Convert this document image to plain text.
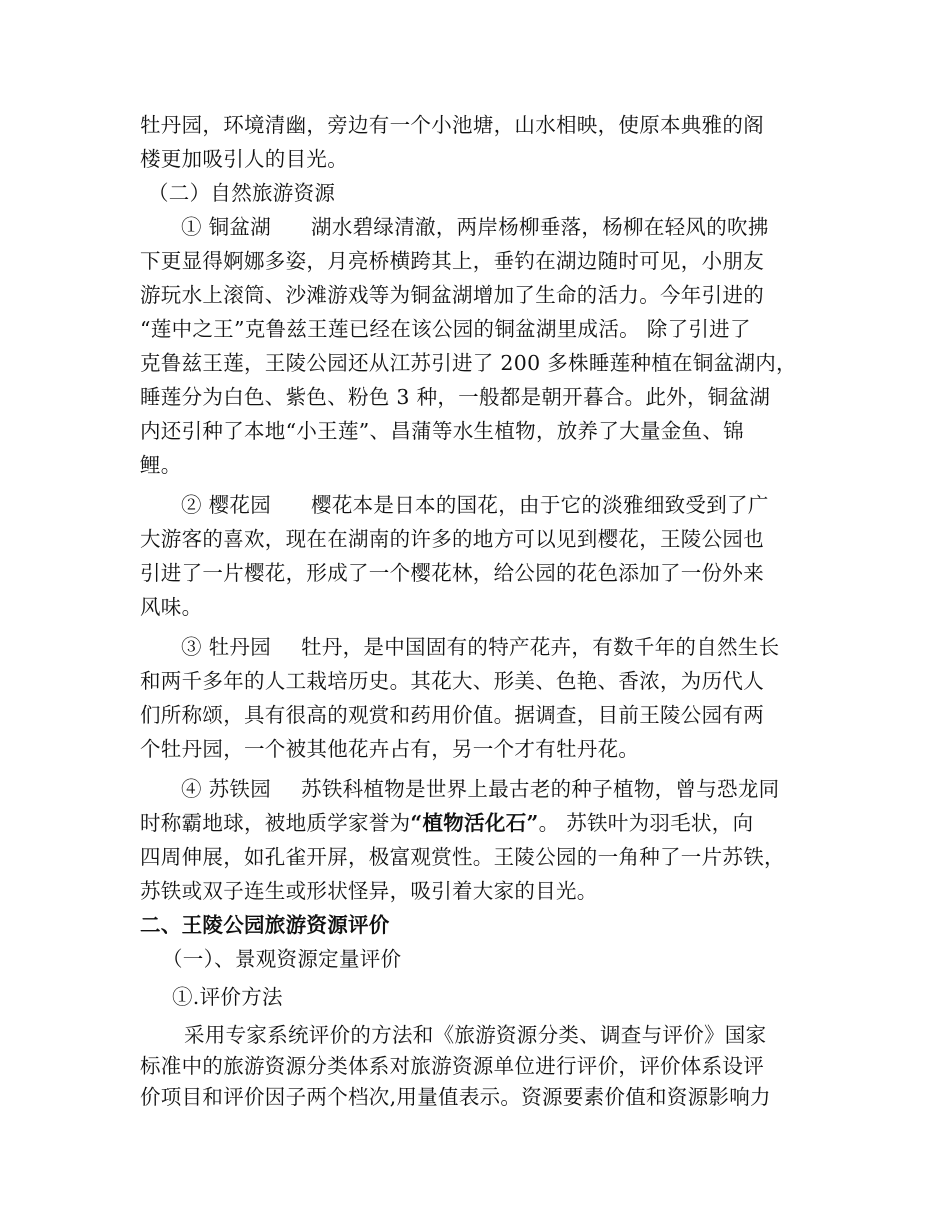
牡丹园，环境清幽，旁边有一个小池塘，山水相映，使原本典雅的阁
楼更加吸引人的目光。
（二）自然旅游资源
① 铜盆湖 湖水碧绿清澈，两岸杨柳垂落，杨柳在轻风的吹拂
下更显得婀娜多姿，月亮桥横跨其上，垂钓在湖边随时可见，小朋友
游玩水上滚筒、沙滩游戏等为铜盆湖增加了生命的活力。今年引进的
“莲中之王”克鲁兹王莲已经在该公园的铜盆湖里成活。 除了引进了
克鲁兹王莲，王陵公园还从江苏引进了 200 多株睡莲种植在铜盆湖内，
睡莲分为白色、紫色、粉色 3 种，一般都是朝开暮合。此外，铜盆湖
内还引种了本地“小王莲”、昌蒲等水生植物，放养了大量金鱼、锦
鲤。
② 樱花园 樱花本是日本的国花，由于它的淡雅细致受到了广
大游客的喜欢，现在在湖南的许多的地方可以见到樱花，王陵公园也
引进了一片樱花，形成了一个樱花林，给公园的花色添加了一份外来
风味。
③ 牡丹园 牡丹，是中国固有的特产花卉，有数千年的自然生长
和两千多年的人工栽培历史。其花大、形美、色艳、香浓，为历代人
们所称颂，具有很高的观赏和药用价值。据调查，目前王陵公园有两
个牡丹园，一个被其他花卉占有，另一个才有牡丹花。
④ 苏铁园 苏铁科植物是世界上最古老的种子植物，曾与恐龙同
时称霸地球，被地质学家誉为“植物活化石”。 苏铁叶为羽毛状，向
四周伸展，如孔雀开屏，极富观赏性。王陵公园的一角种了一片苏铁，
苏铁或双子连生或形状怪异，吸引着大家的目光。
二、王陵公园旅游资源评价
（一）、景观资源定量评价
①.评价方法
采用专家系统评价的方法和《旅游资源分类、调查与评价》国家
标准中的旅游资源分类体系对旅游资源单位进行评价，评价体系设评
价项目和评价因子两个档次,用量值表示。资源要素价值和资源影响力
